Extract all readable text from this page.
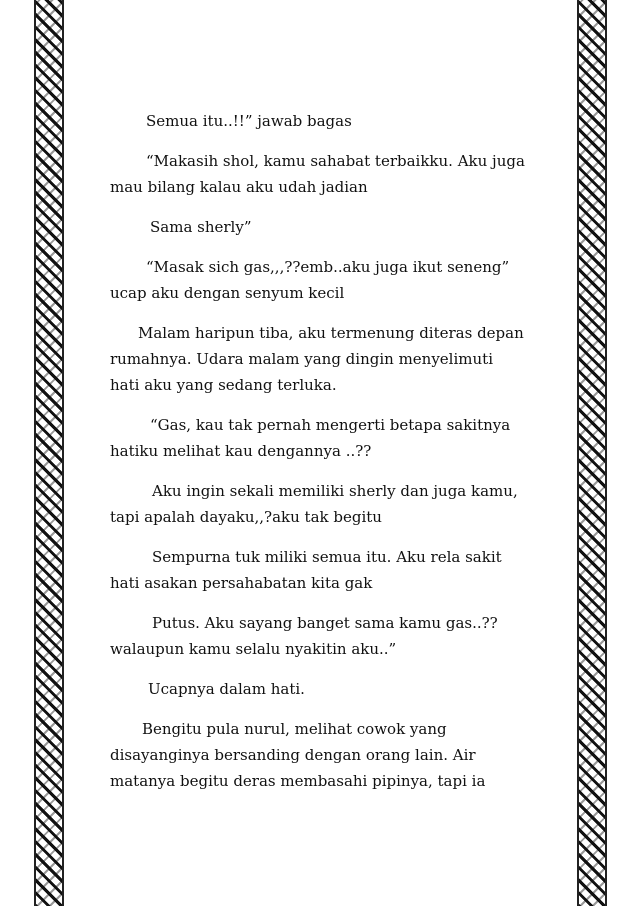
Semua itu..!!” jawab bagas
“Makasih shol, kamu sahabat terbaikku. Aku juga
mau bilang kalau aku udah jadian
Sama sherly”
“Masak sich gas,,,??emb..aku juga ikut seneng”
ucap aku dengan senyum kecil
Malam haripun tiba, aku termenung diteras depan
rumahnya. Udara malam yang dingin menyelimuti
hati aku yang sedang terluka.
“Gas, kau tak pernah mengerti betapa sakitnya
hatiku melihat kau dengannya ..??
Aku ingin sekali memiliki sherly dan juga kamu,
tapi apalah dayaku,,?aku tak begitu
Sempurna tuk miliki semua itu. Aku rela sakit
hati asakan persahabatan kita gak
Putus. Aku sayang banget sama kamu gas..??
walaupun kamu selalu nyakitin aku..”
Ucapnya dalam hati.
Bengitu pula nurul, melihat cowok yang
disayanginya bersanding dengan orang lain. Air
matanya begitu deras membasahi pipinya, tapi ia
